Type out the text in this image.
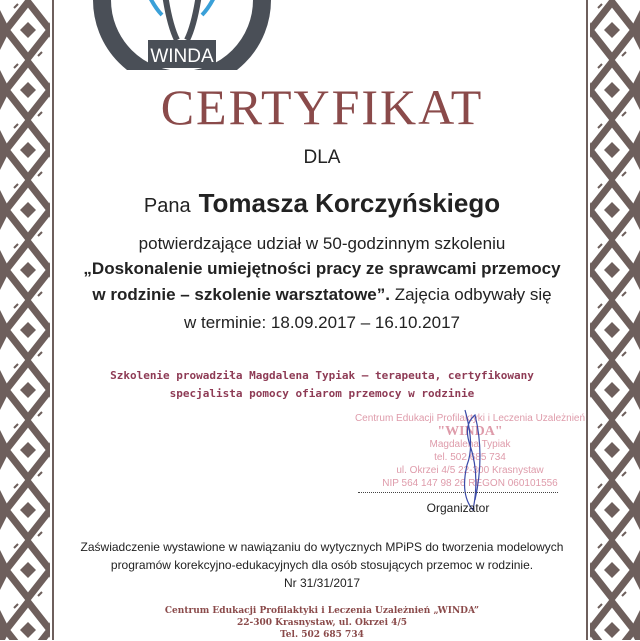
WINDA
CERTYFIKAT
DLA
Pana Tomasza Korczyńskiego
potwierdzające udział w 50-godzinnym szkoleniu
„Doskonalenie umiejętności pracy ze sprawcami przemocy
w rodzinie – szkolenie warsztatowe”. Zajęcia odbywały się
w terminie: 18.09.2017 – 16.10.2017
Szkolenie prowadziła Magdalena Typiak – terapeuta, certyfikowany specjalista pomocy ofiarom przemocy w rodzinie
Centrum Edukacji Profilaktyki i Leczenia Uzależnień
"WINDA"
Magdalena Typiak
tel. 502 685 734
ul. Okrzei 4/5 22-300 Krasnystaw
NIP 564 147 98 26 REGON 060101556
Organizator
Zaświadczenie wystawione w nawiązaniu do wytycznych MPiPS do tworzenia modelowych
programów korekcyjno-edukacyjnych dla osób stosujących przemoc w rodzinie.
Nr 31/31/2017
Centrum Edukacji Profilaktyki i Leczenia Uzależnień „WINDA”
22-300 Krasnystaw, ul. Okrzei 4/5
Tel. 502 685 734
